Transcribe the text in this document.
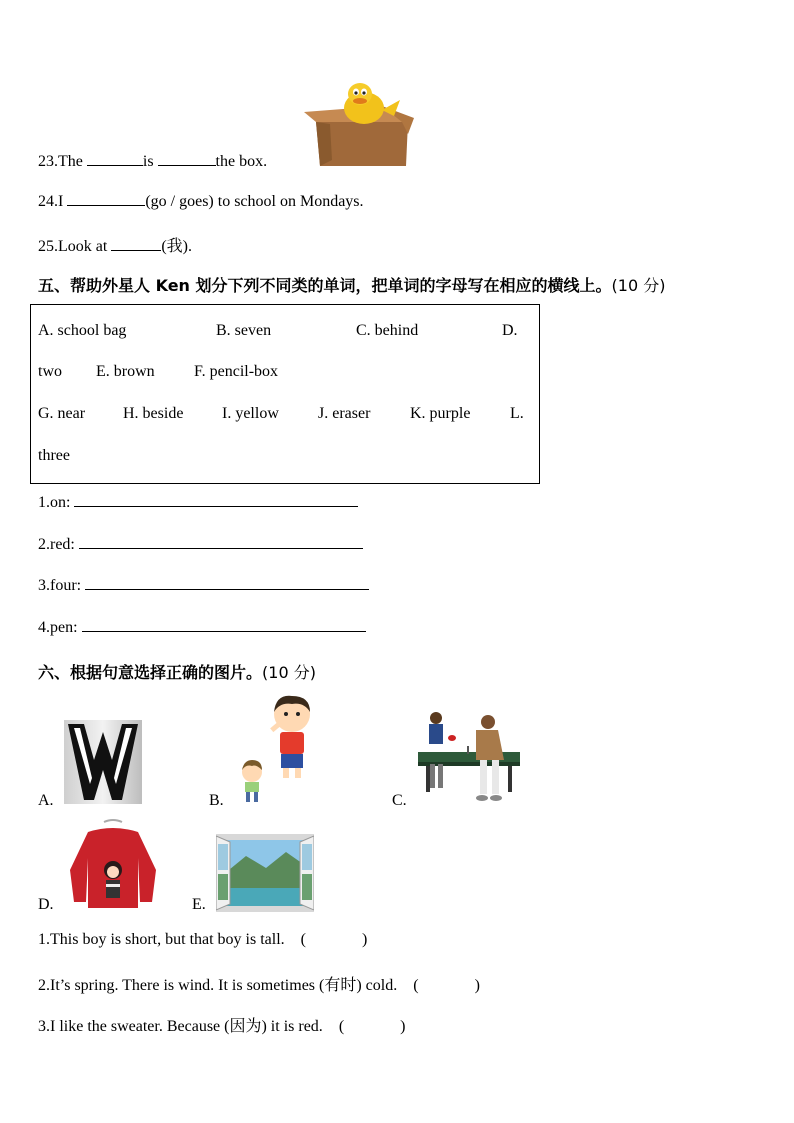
23.The	is	the box.
24.I	(go / goes) to school on Mondays.
25.Look at	(我).
五、帮助外星人 Ken 划分下列不同类的单词，把单词的字母写在相应的横线上。(10 分)
A. school bag	B. seven	C. behind	D.
two E. brown F. pencil-box
G. near H. beside I. yellow J. eraser K. purple L.
three
1.on:
2.red:
3.four:
4.pen:
六、根据句意选择正确的图片。(10 分)
A.	B.	C.
D.	E.
1.This boy is short, but that boy is tall. (              )
2.It’s spring. There is wind. It is sometimes (有时) cold. (              )
3.I like the sweater. Because (因为) it is red. (              )
